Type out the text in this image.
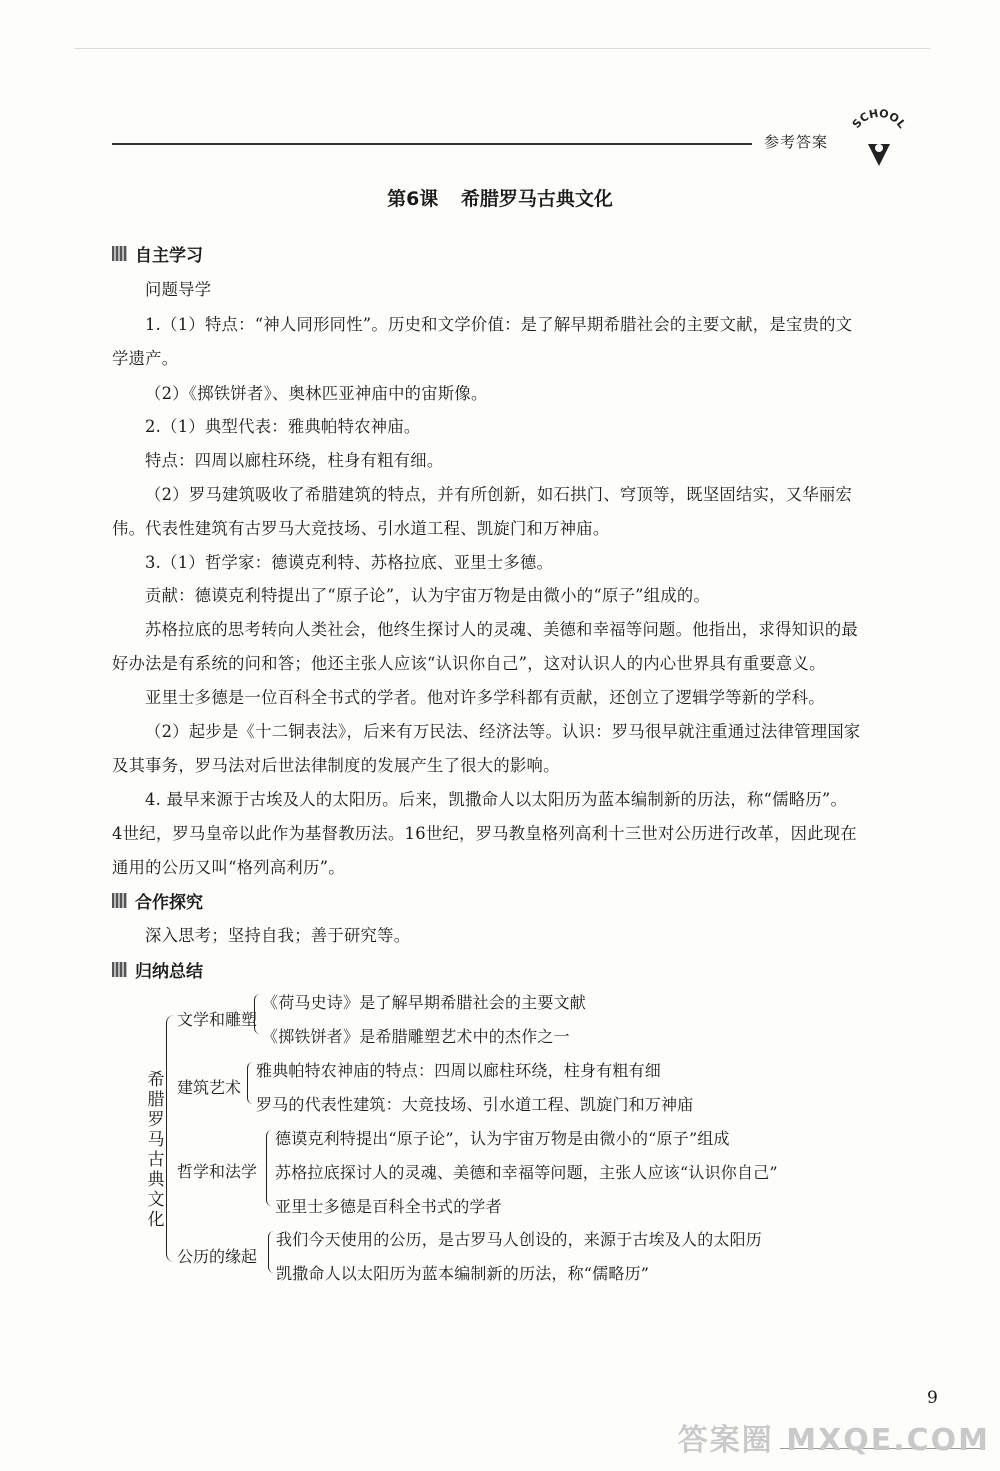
参考答案
SCHOOL
第6课 希腊罗马古典文化
自主学习
问题导学
1.（1）特点：“神人同形同性”。历史和文学价值：是了解早期希腊社会的主要文献，是宝贵的文
学遗产。
（2）《掷铁饼者》、奥林匹亚神庙中的宙斯像。
2.（1）典型代表：雅典帕特农神庙。
特点：四周以廊柱环绕，柱身有粗有细。
（2）罗马建筑吸收了希腊建筑的特点，并有所创新，如石拱门、穹顶等，既坚固结实，又华丽宏
伟。代表性建筑有古罗马大竞技场、引水道工程、凯旋门和万神庙。
3.（1）哲学家：德谟克利特、苏格拉底、亚里士多德。
贡献：德谟克利特提出了“原子论”，认为宇宙万物是由微小的“原子”组成的。
苏格拉底的思考转向人类社会，他终生探讨人的灵魂、美德和幸福等问题。他指出，求得知识的最
好办法是有系统的问和答；他还主张人应该“认识你自己”，这对认识人的内心世界具有重要意义。
亚里士多德是一位百科全书式的学者。他对许多学科都有贡献，还创立了逻辑学等新的学科。
（2）起步是《十二铜表法》，后来有万民法、经济法等。认识：罗马很早就注重通过法律管理国家
及其事务，罗马法对后世法律制度的发展产生了很大的影响。
4. 最早来源于古埃及人的太阳历。后来，凯撒命人以太阳历为蓝本编制新的历法，称“儒略历”。
4世纪，罗马皇帝以此作为基督教历法。16世纪，罗马教皇格列高利十三世对公历进行改革，因此现在
通用的公历又叫“格列高利历”。
合作探究
深入思考；坚持自我；善于研究等。
归纳总结
希腊罗马古典文化
文学和雕塑
《荷马史诗》是了解早期希腊社会的主要文献
《掷铁饼者》是希腊雕塑艺术中的杰作之一
建筑艺术
雅典帕特农神庙的特点：四周以廊柱环绕，柱身有粗有细
罗马的代表性建筑：大竞技场、引水道工程、凯旋门和万神庙
哲学和法学
德谟克利特提出“原子论”，认为宇宙万物是由微小的“原子”组成
苏格拉底探讨人的灵魂、美德和幸福等问题，主张人应该“认识你自己”
亚里士多德是百科全书式的学者
公历的缘起
我们今天使用的公历，是古罗马人创设的，来源于古埃及人的太阳历
凯撒命人以太阳历为蓝本编制新的历法，称“儒略历”
9
答案圈 MXQE.COM
